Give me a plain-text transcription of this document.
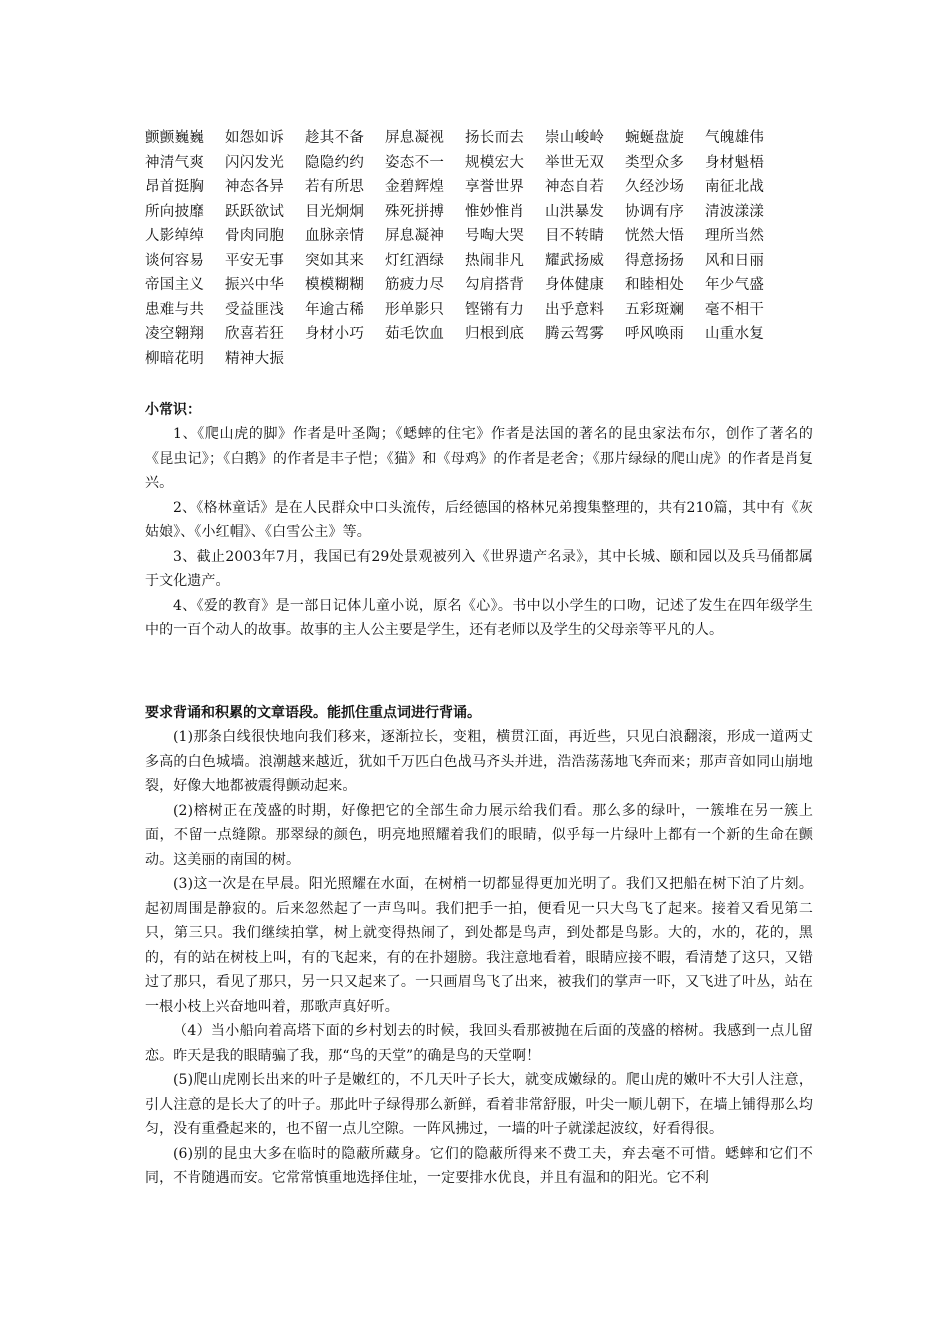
颤颤巍巍	如怨如诉	趁其不备	屏息凝视	扬长而去	崇山峻岭	蜿蜒盘旋	气魄雄伟
神清气爽	闪闪发光	隐隐约约	姿态不一	规模宏大	举世无双	类型众多	身材魁梧
昂首挺胸	神态各异	若有所思	金碧辉煌	享誉世界	神态自若	久经沙场	南征北战
所向披靡	跃跃欲试	目光炯炯	殊死拼搏	惟妙惟肖	山洪暴发	协调有序	清波漾漾
人影绰绰	骨肉同胞	血脉亲情	屏息凝神	号啕大哭	目不转睛	恍然大悟	理所当然
谈何容易	平安无事	突如其来	灯红酒绿	热闹非凡	耀武扬威	得意扬扬	风和日丽
帝国主义	振兴中华	模模糊糊	筋疲力尽	勾肩搭背	身体健康	和睦相处	年少气盛
患难与共	受益匪浅	年逾古稀	形单影只	铿锵有力	出乎意料	五彩斑斓	毫不相干
凌空翱翔	欣喜若狂	身材小巧	茹毛饮血	归根到底	腾云驾雾	呼风唤雨	山重水复
柳暗花明	精神大振

小常识：

1、《爬山虎的脚》作者是叶圣陶；《蟋蟀的住宅》作者是法国的著名的昆虫家法布尔，创作了著名的《昆虫记》；《白鹅》的作者是丰子恺；《猫》和《母鸡》的作者是老舍；《那片绿绿的爬山虎》的作者是肖复兴。

2、《格林童话》是在人民群众中口头流传，后经德国的格林兄弟搜集整理的，共有210篇，其中有《灰姑娘》、《小红帽》、《白雪公主》等。

3、截止2003年7月，我国已有29处景观被列入《世界遗产名录》，其中长城、颐和园以及兵马俑都属于文化遗产。

4、《爱的教育》是一部日记体儿童小说，原名《心》。书中以小学生的口吻，记述了发生在四年级学生中的一百个动人的故事。故事的主人公主要是学生，还有老师以及学生的父母亲等平凡的人。

要求背诵和积累的文章语段。能抓住重点词进行背诵。

(1)那条白线很快地向我们移来，逐渐拉长，变粗，横贯江面，再近些，只见白浪翻滚，形成一道两丈多高的白色城墙。浪潮越来越近，犹如千万匹白色战马齐头并进，浩浩荡荡地飞奔而来；那声音如同山崩地裂，好像大地都被震得颤动起来。

(2)榕树正在茂盛的时期，好像把它的全部生命力展示给我们看。那么多的绿叶，一簇堆在另一簇上面，不留一点缝隙。那翠绿的颜色，明亮地照耀着我们的眼睛，似乎每一片绿叶上都有一个新的生命在颤动。这美丽的南国的树。

(3)这一次是在早晨。阳光照耀在水面，在树梢一切都显得更加光明了。我们又把船在树下泊了片刻。起初周围是静寂的。后来忽然起了一声鸟叫。我们把手一拍，便看见一只大鸟飞了起来。接着又看见第二只，第三只。我们继续拍掌，树上就变得热闹了，到处都是鸟声，到处都是鸟影。大的，水的，花的，黑的，有的站在树枝上叫，有的飞起来，有的在扑翅膀。我注意地看着，眼睛应接不暇，看清楚了这只，又错过了那只，看见了那只，另一只又起来了。一只画眉鸟飞了出来，被我们的掌声一吓，又飞进了叶丛，站在一根小枝上兴奋地叫着，那歌声真好听。

（4）当小船向着高塔下面的乡村划去的时候，我回头看那被抛在后面的茂盛的榕树。我感到一点儿留恋。昨天是我的眼睛骗了我，那“鸟的天堂”的确是鸟的天堂啊！

(5)爬山虎刚长出来的叶子是嫩红的，不几天叶子长大，就变成嫩绿的。爬山虎的嫩叶不大引人注意，引人注意的是长大了的叶子。那此叶子绿得那么新鲜，看着非常舒服，叶尖一顺儿朝下，在墙上铺得那么均匀，没有重叠起来的，也不留一点儿空隙。一阵风拂过，一墙的叶子就漾起波纹，好看得很。

(6)别的昆虫大多在临时的隐蔽所藏身。它们的隐蔽所得来不费工夫，弃去毫不可惜。蟋蟀和它们不同，不肯随遇而安。它常常慎重地选择住址，一定要排水优良，并且有温和的阳光。它不利
